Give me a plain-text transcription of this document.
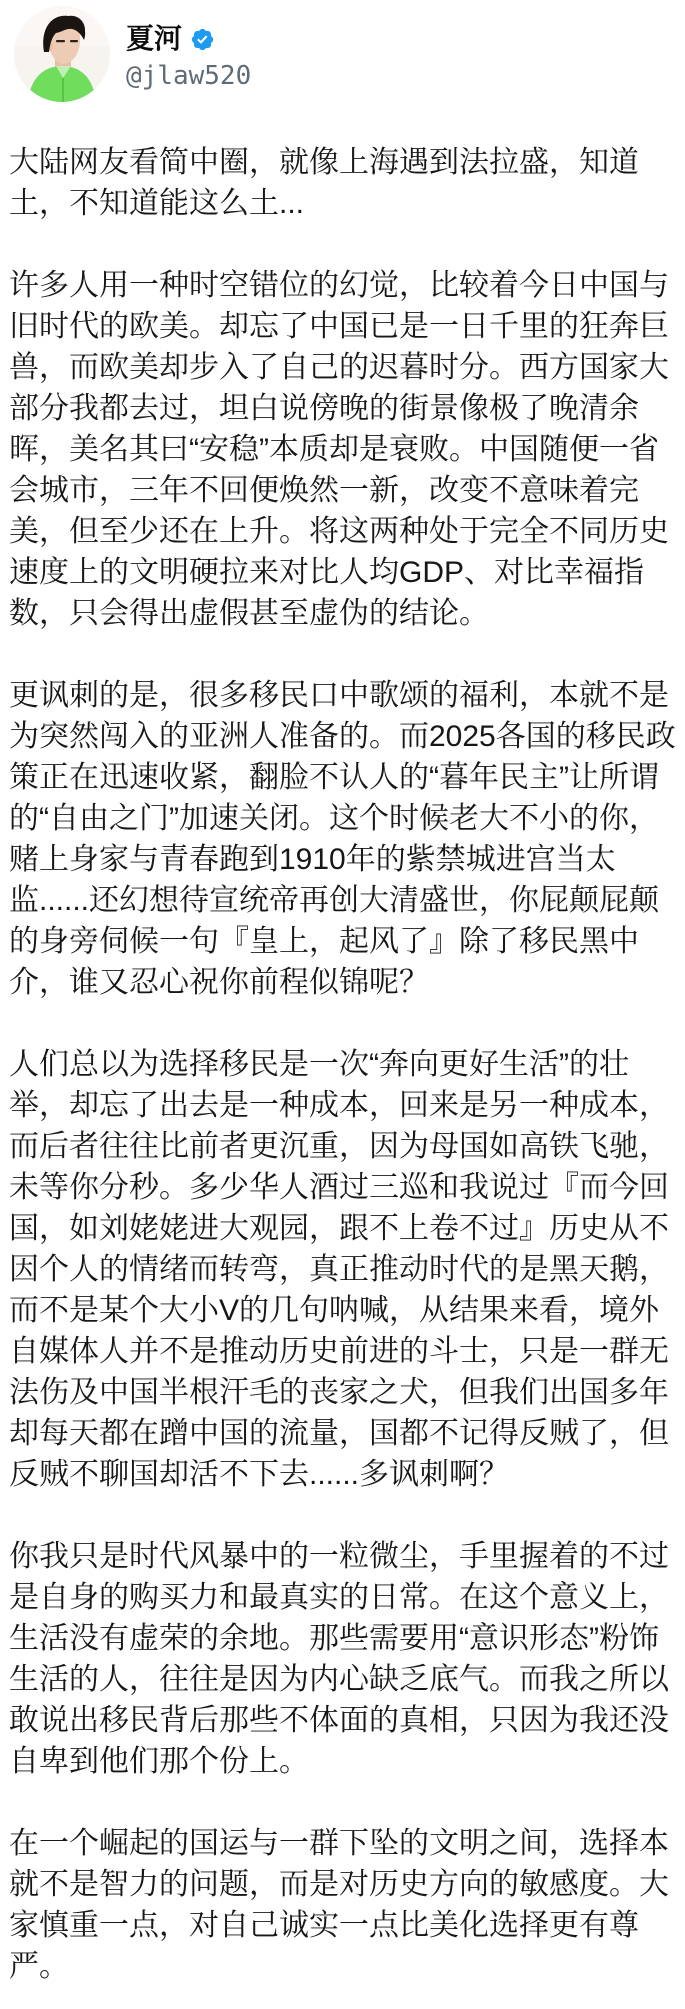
夏河
@jlaw520

大陆网友看简中圈，就像上海遇到法拉盛，知道土，不知道能这么土...

许多人用一种时空错位的幻觉，比较着今日中国与旧时代的欧美。却忘了中国已是一日千里的狂奔巨兽，而欧美却步入了自己的迟暮时分。西方国家大部分我都去过，坦白说傍晚的街景像极了晚清余晖，美名其曰“安稳”本质却是衰败。中国随便一省会城市，三年不回便焕然一新，改变不意味着完美，但至少还在上升。将这两种处于完全不同历史速度上的文明硬拉来对比人均GDP、对比幸福指数，只会得出虚假甚至虚伪的结论。

更讽刺的是，很多移民口中歌颂的福利，本就不是为突然闯入的亚洲人准备的。而2025各国的移民政策正在迅速收紧，翻脸不认人的“暮年民主”让所谓的“自由之门”加速关闭。这个时候老大不小的你，赌上身家与青春跑到1910年的紫禁城进宫当太监......还幻想待宣统帝再创大清盛世，你屁颠屁颠的身旁伺候一句『皇上，起风了』除了移民黑中介，谁又忍心祝你前程似锦呢？

人们总以为选择移民是一次“奔向更好生活”的壮举，却忘了出去是一种成本，回来是另一种成本，而后者往往比前者更沉重，因为母国如高铁飞驰，未等你分秒。多少华人酒过三巡和我说过『而今回国，如刘姥姥进大观园，跟不上卷不过』历史从不因个人的情绪而转弯，真正推动时代的是黑天鹅，而不是某个大小V的几句呐喊，从结果来看，境外自媒体人并不是推动历史前进的斗士，只是一群无法伤及中国半根汗毛的丧家之犬，但我们出国多年却每天都在蹭中国的流量，国都不记得反贼了，但反贼不聊国却活不下去......多讽刺啊？

你我只是时代风暴中的一粒微尘，手里握着的不过是自身的购买力和最真实的日常。在这个意义上，生活没有虚荣的余地。那些需要用“意识形态”粉饰生活的人，往往是因为内心缺乏底气。而我之所以敢说出移民背后那些不体面的真相，只因为我还没自卑到他们那个份上。

在一个崛起的国运与一群下坠的文明之间，选择本就不是智力的问题，而是对历史方向的敏感度。大家慎重一点，对自己诚实一点比美化选择更有尊严。
